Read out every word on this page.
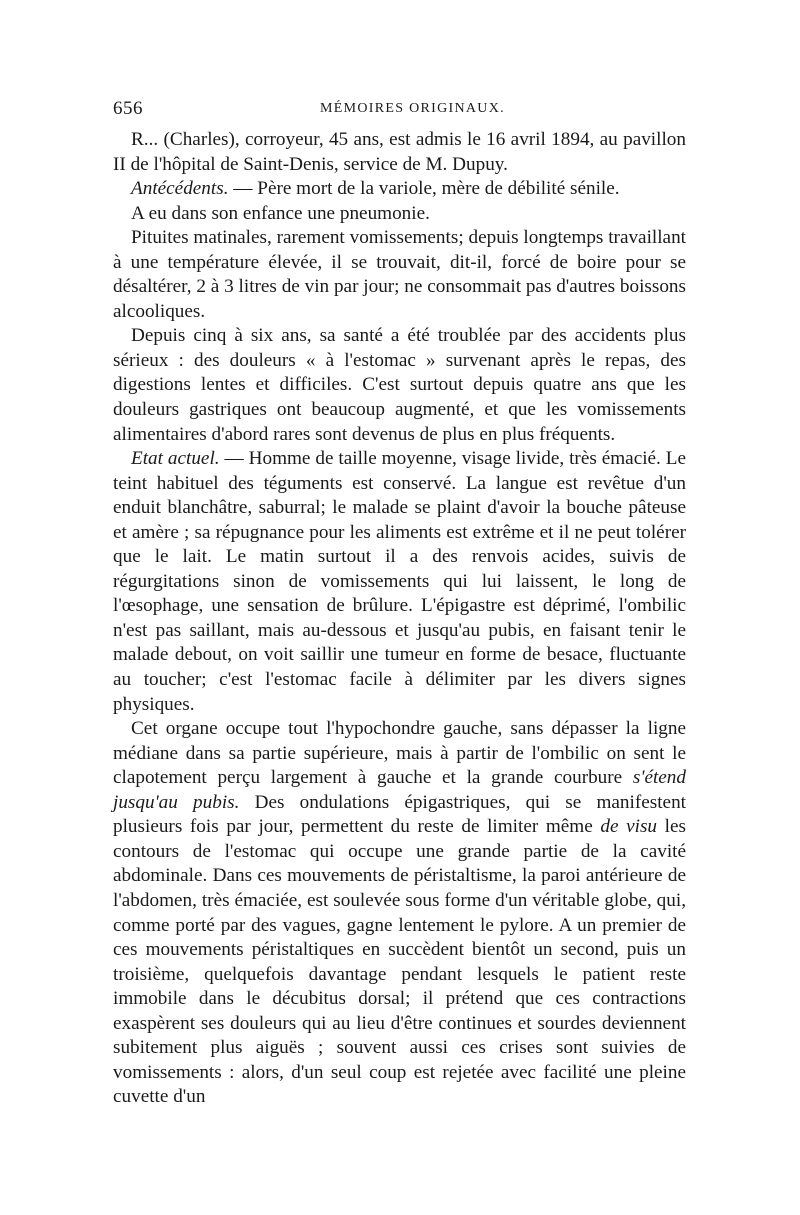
656	MÉMOIRES ORIGINAUX.

R... (Charles), corroyeur, 45 ans, est admis le 16 avril 1894, au pavillon II de l'hôpital de Saint-Denis, service de M. Dupuy.

Antécédents. — Père mort de la variole, mère de débilité sénile.

A eu dans son enfance une pneumonie.

Pituites matinales, rarement vomissements; depuis longtemps travaillant à une température élevée, il se trouvait, dit-il, forcé de boire pour se désaltérer, 2 à 3 litres de vin par jour; ne consommait pas d'autres boissons alcooliques.

Depuis cinq à six ans, sa santé a été troublée par des accidents plus sérieux : des douleurs « à l'estomac » survenant après le repas, des digestions lentes et difficiles. C'est surtout depuis quatre ans que les douleurs gastriques ont beaucoup augmenté, et que les vomissements alimentaires d'abord rares sont devenus de plus en plus fréquents.

Etat actuel. — Homme de taille moyenne, visage livide, très émacié. Le teint habituel des téguments est conservé. La langue est revêtue d'un enduit blanchâtre, saburral; le malade se plaint d'avoir la bouche pâteuse et amère ; sa répugnance pour les aliments est extrême et il ne peut tolérer que le lait. Le matin surtout il a des renvois acides, suivis de régurgitations sinon de vomissements qui lui laissent, le long de l'œsophage, une sensation de brûlure. L'épigastre est déprimé, l'ombilic n'est pas saillant, mais au-dessous et jusqu'au pubis, en faisant tenir le malade debout, on voit saillir une tumeur en forme de besace, fluctuante au toucher; c'est l'estomac facile à délimiter par les divers signes physiques.

Cet organe occupe tout l'hypochondre gauche, sans dépasser la ligne médiane dans sa partie supérieure, mais à partir de l'ombilic on sent le clapotement perçu largement à gauche et la grande courbure s'étend jusqu'au pubis. Des ondulations épigastriques, qui se manifestent plusieurs fois par jour, permettent du reste de limiter même de visu les contours de l'estomac qui occupe une grande partie de la cavité abdominale. Dans ces mouvements de péristaltisme, la paroi antérieure de l'abdomen, très émaciée, est soulevée sous forme d'un véritable globe, qui, comme porté par des vagues, gagne lentement le pylore. A un premier de ces mouvements péristaltiques en succèdent bientôt un second, puis un troisième, quelquefois davantage pendant lesquels le patient reste immobile dans le décubitus dorsal; il prétend que ces contractions exaspèrent ses douleurs qui au lieu d'être continues et sourdes deviennent subitement plus aiguës ; souvent aussi ces crises sont suivies de vomissements : alors, d'un seul coup est rejetée avec facilité une pleine cuvette d'un
